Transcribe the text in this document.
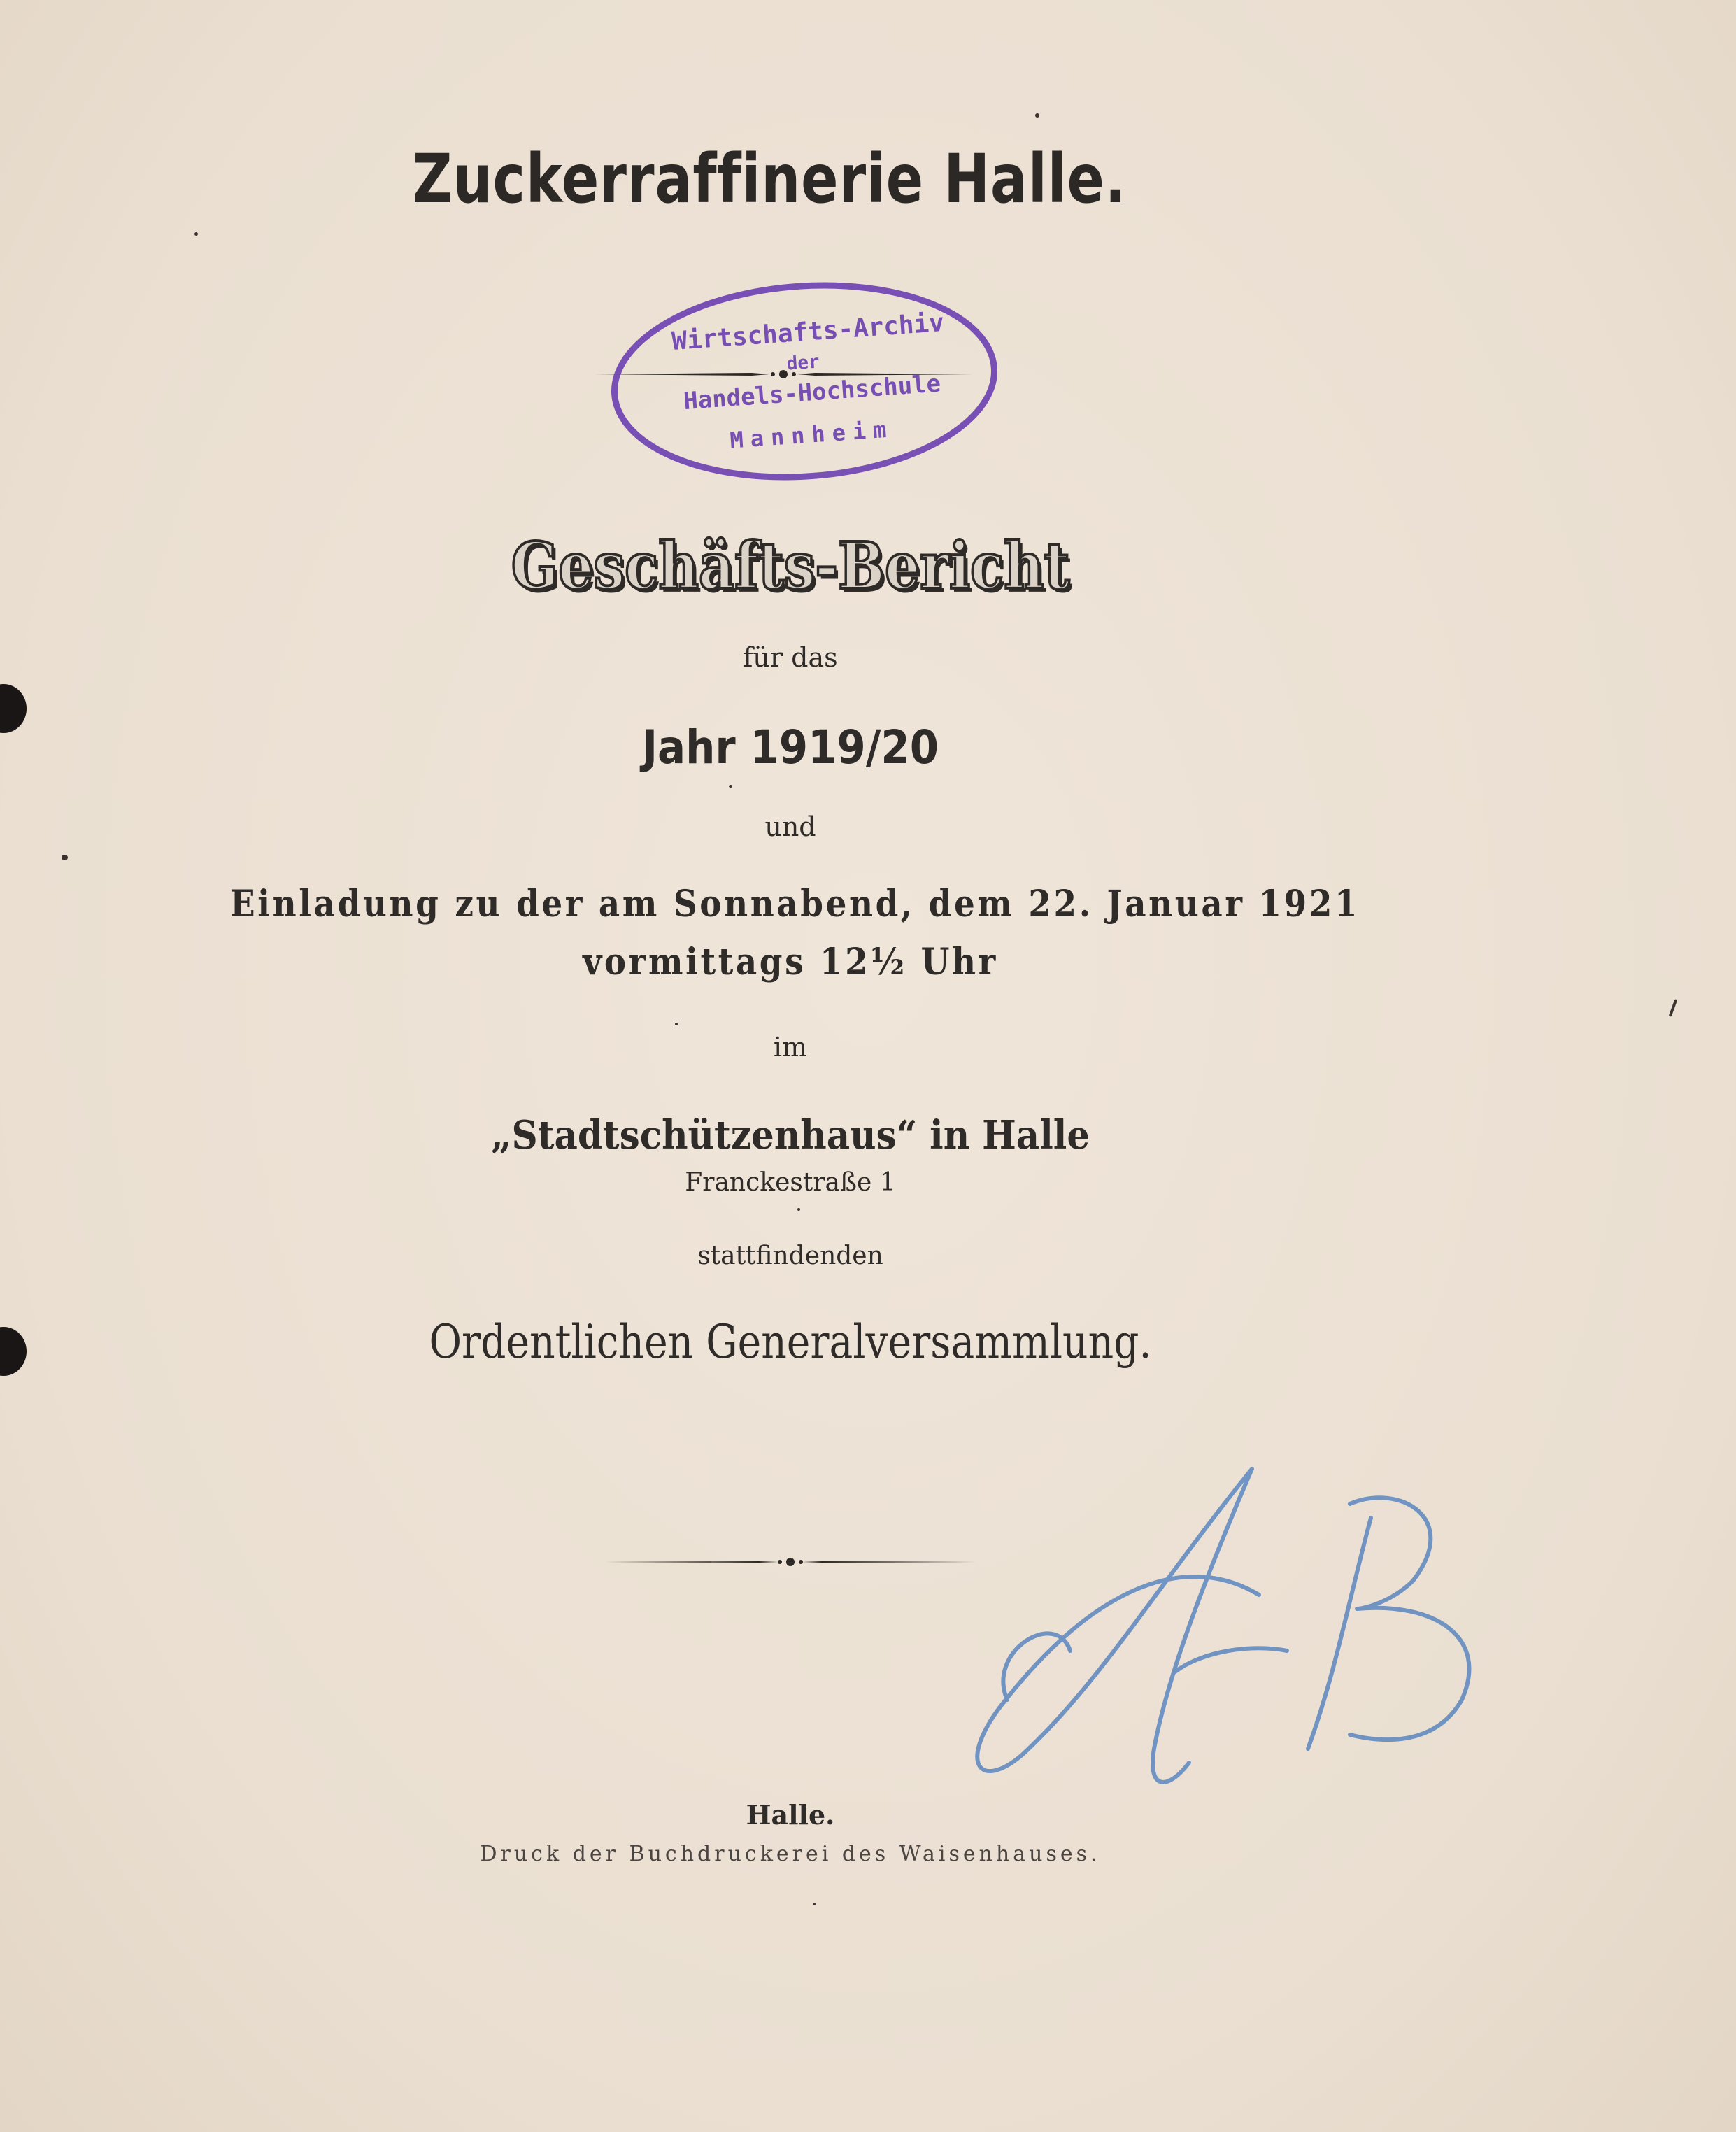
Zuckerraffinerie Halle.
Wirtschafts-Archiv
der
Handels-Hochschule
Mannheim
Geschäfts-Bericht
für das
Jahr 1919/20
und
Einladung zu der am Sonnabend, dem 22. Januar 1921
vormittags 12½ Uhr
im
„Stadtschützenhaus“ in Halle
Franckestraße 1
stattfindenden
Ordentlichen Generalversammlung.
Halle.
Druck der Buchdruckerei des Waisenhauses.
